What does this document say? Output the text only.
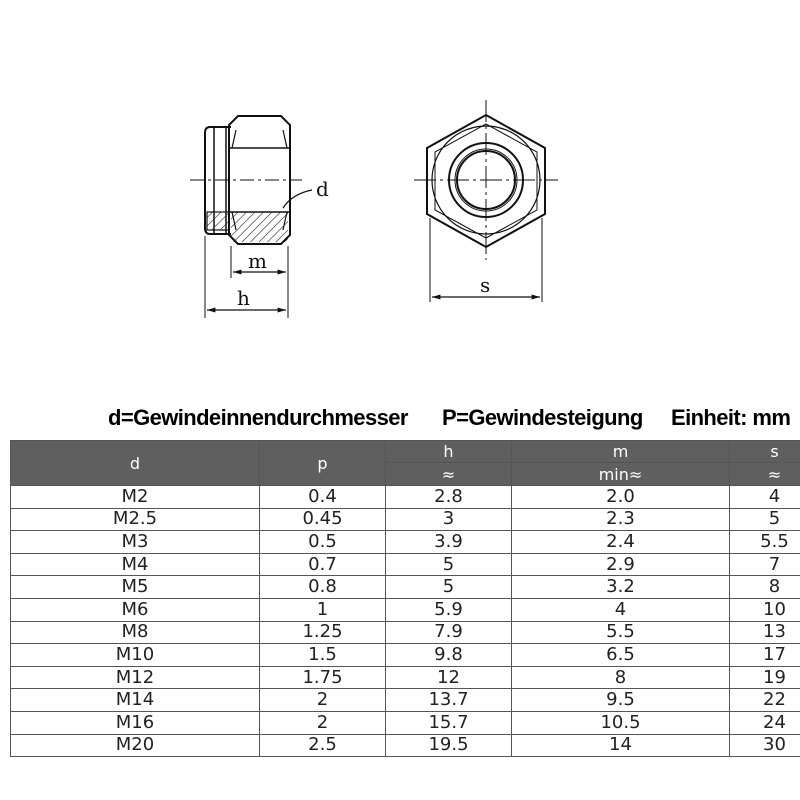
d
m
h
s
d=Gewindeinnendurchmesser P=Gewindesteigung Einheit: mm
d	p	h	m	s
		≈	min≈	≈
M2	0.4	2.8	2.0	4
M2.5	0.45	3	2.3	5
M3	0.5	3.9	2.4	5.5
M4	0.7	5	2.9	7
M5	0.8	5	3.2	8
M6	1	5.9	4	10
M8	1.25	7.9	5.5	13
M10	1.5	9.8	6.5	17
M12	1.75	12	8	19
M14	2	13.7	9.5	22
M16	2	15.7	10.5	24
M20	2.5	19.5	14	30
